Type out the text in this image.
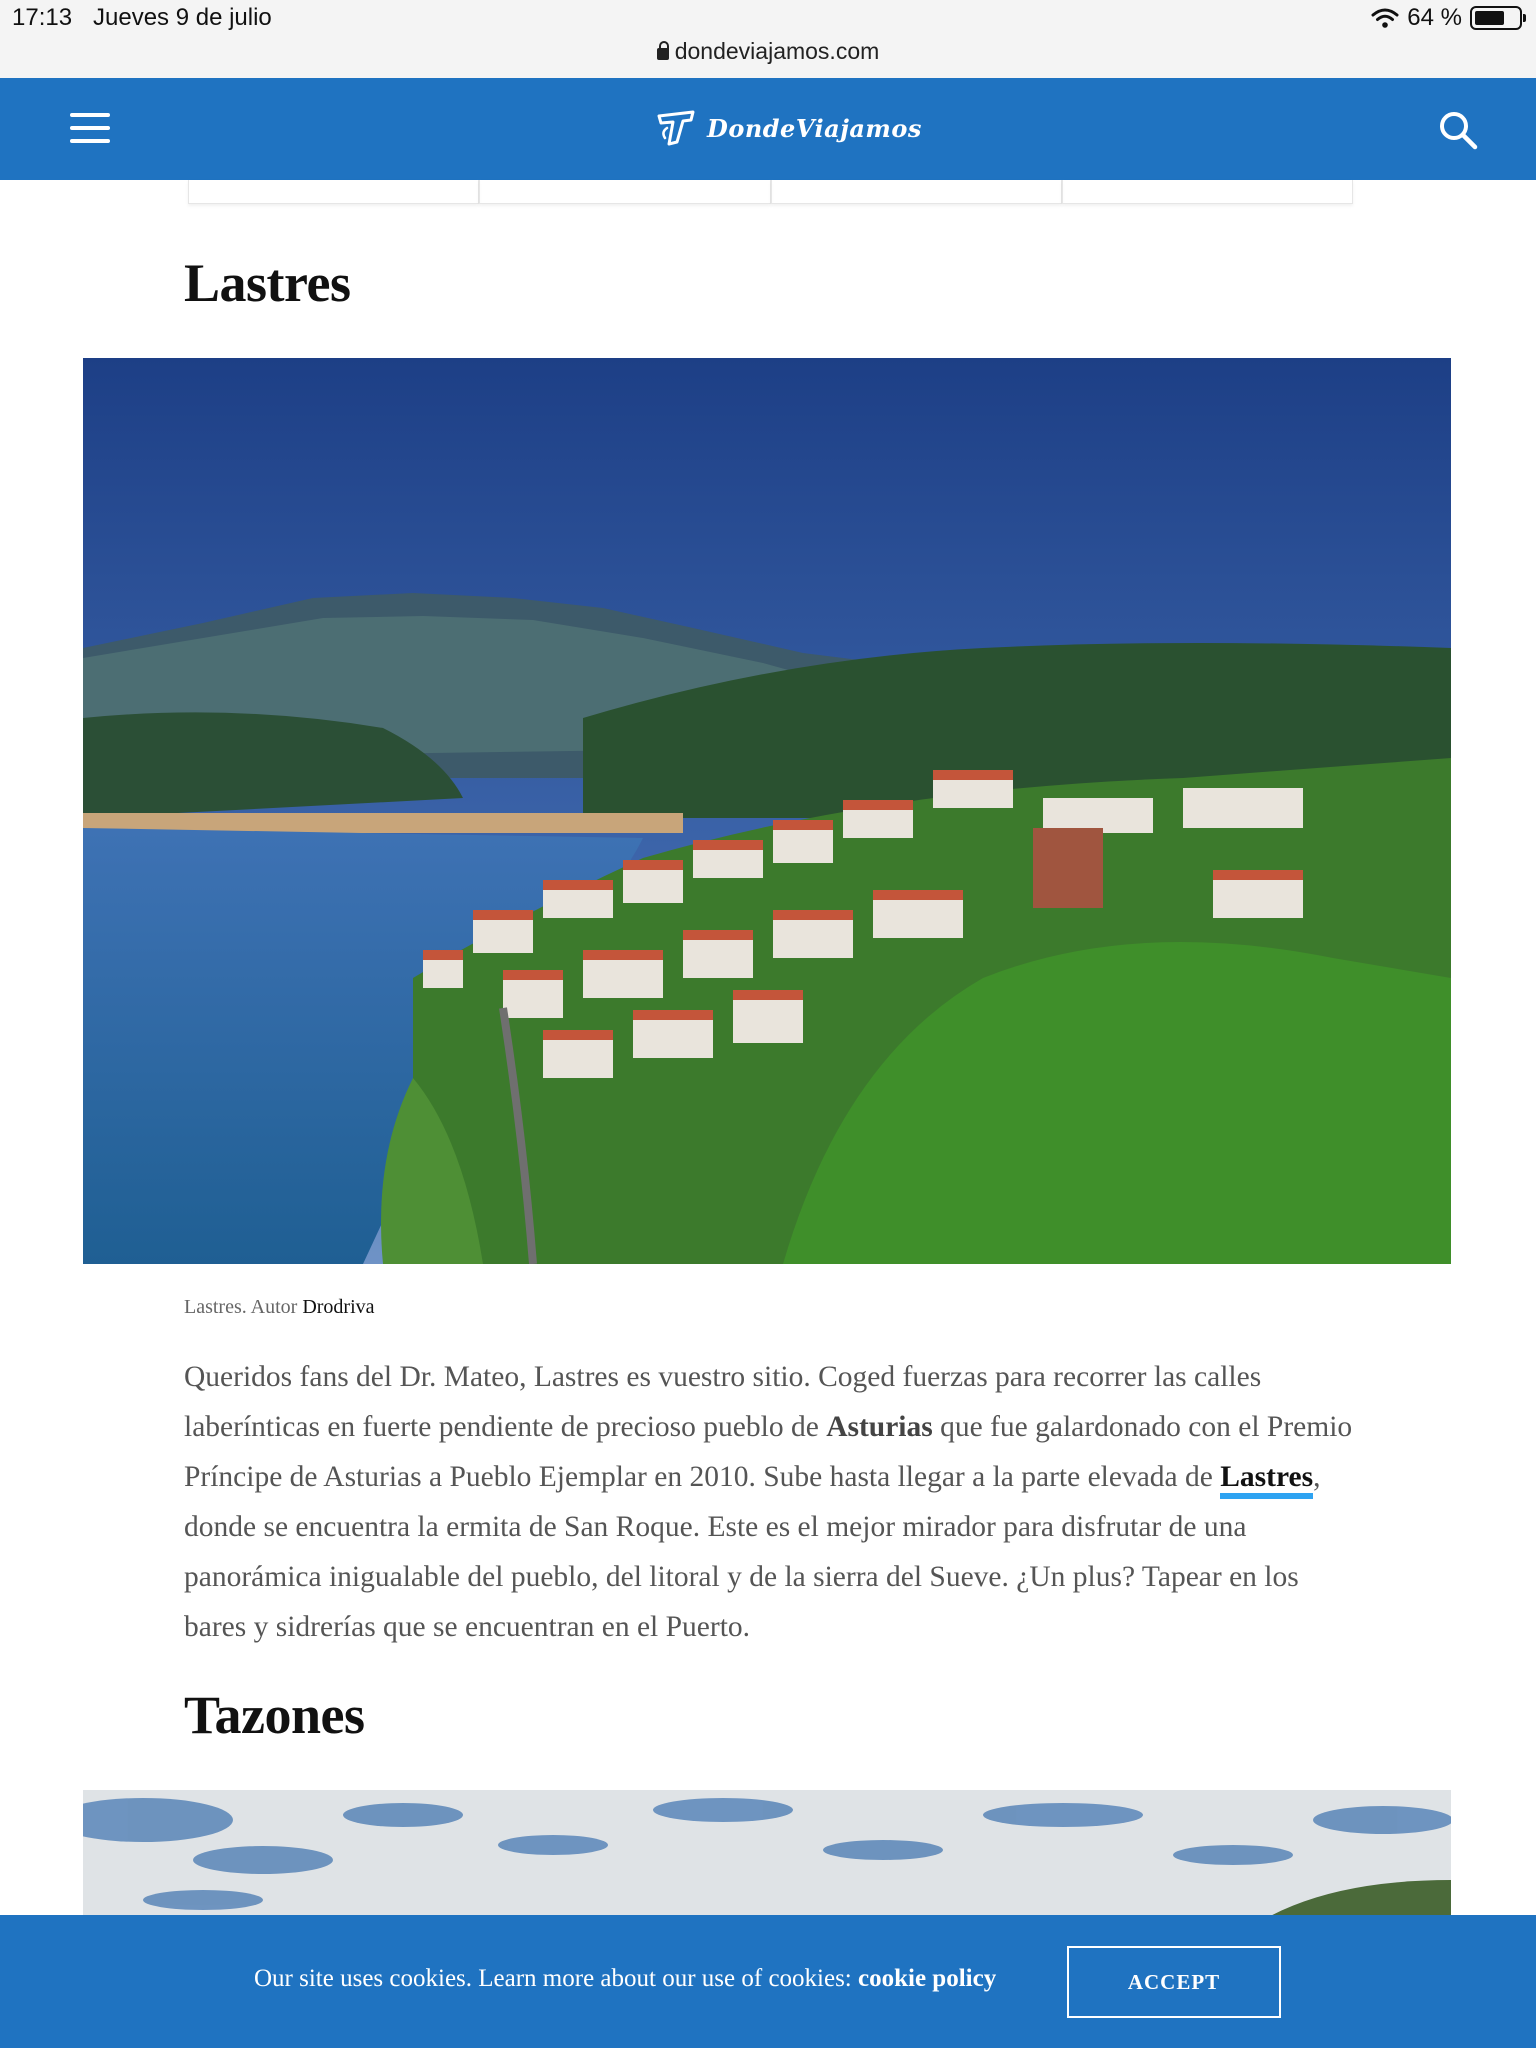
17:13 Jueves 9 de julio	64 %
dondeviajamos.com
DondeViajamos
Lastres
Lastres. Autor Drodriva

Queridos fans del Dr. Mateo, Lastres es vuestro sitio. Coged fuerzas para recorrer las calles laberínticas en fuerte pendiente de precioso pueblo de Asturias que fue galardonado con el Premio Príncipe de Asturias a Pueblo Ejemplar en 2010. Sube hasta llegar a la parte elevada de Lastres, donde se encuentra la ermita de San Roque. Este es el mejor mirador para disfrutar de una panorámica inigualable del pueblo, del litoral y de la sierra del Sueve. ¿Un plus? Tapear en los bares y sidrerías que se encuentran en el Puerto.

Tazones
Our site uses cookies. Learn more about our use of cookies: cookie policy	ACCEPT
